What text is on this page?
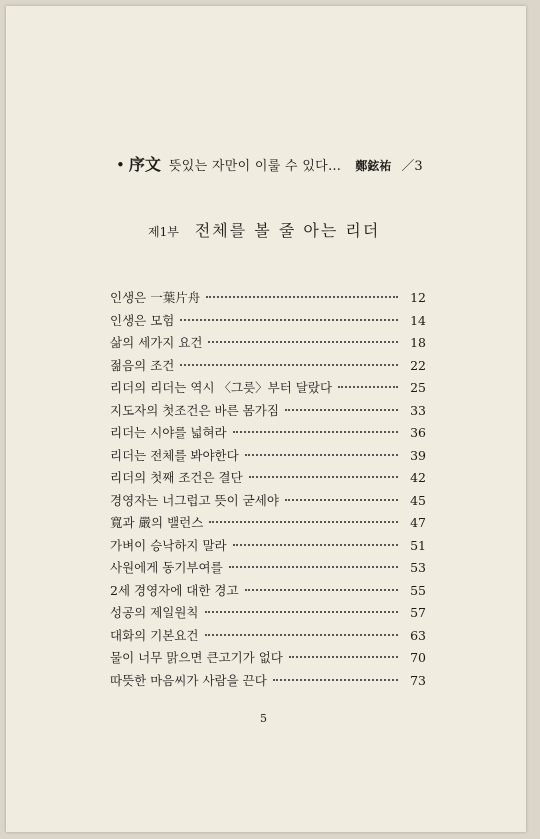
• 序文 뜻있는 자만이 이룰 수 있다… 鄭鉉祐 ／3
제1부 전체를 볼 줄 아는 리더
인생은 一葉片舟	12
인생은 모험	14
삶의 세가지 요건	18
젊음의 조건	22
리더의 리더는 역시 〈그릇〉부터 달랐다	25
지도자의 첫조건은 바른 몸가짐	33
리더는 시야를 넓혀라	36
리더는 전체를 봐야한다	39
리더의 첫째 조건은 결단	42
경영자는 너그럽고 뜻이 굳세야	45
寬과 嚴의 밸런스	47
가벼이 승낙하지 말라	51
사원에게 동기부여를	53
2세 경영자에 대한 경고	55
성공의 제일원칙	57
대화의 기본요건	63
물이 너무 맑으면 큰고기가 없다	70
따뜻한 마음씨가 사람을 끈다	73
5
